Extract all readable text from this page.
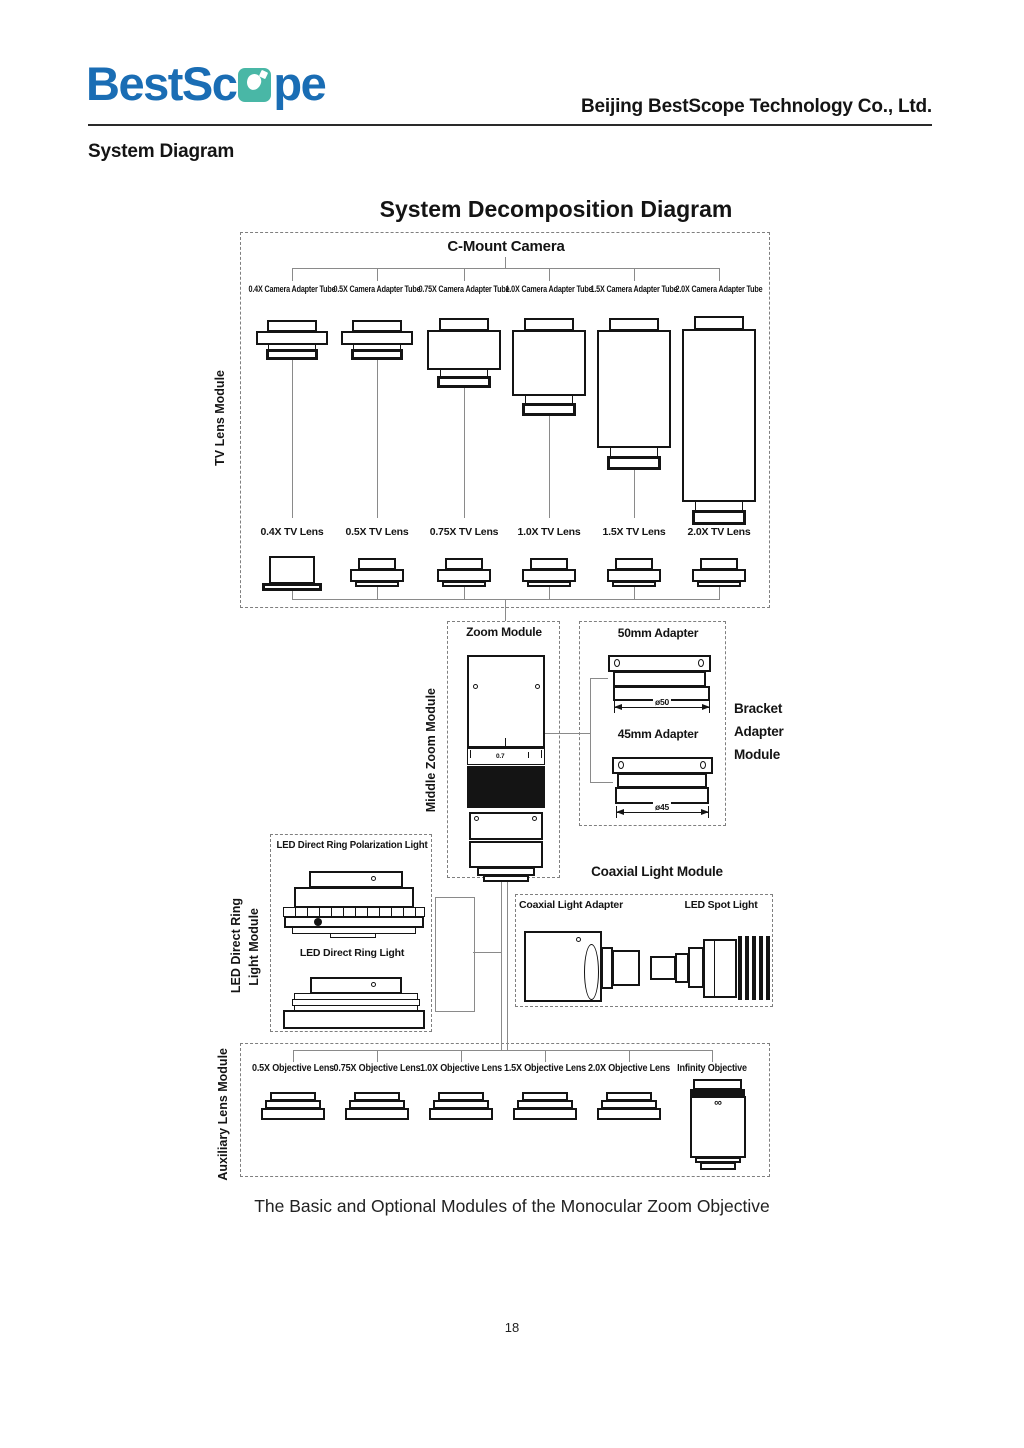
BestSc pe	Beijing BestScope Technology Co., Ltd.
System Diagram
System Decomposition Diagram
TV Lens Module
Middle Zoom Module
LED Direct Ring Light Module
Auxiliary Lens Module
C-Mount Camera
0.4X Camera Adapter Tube
0.5X Camera Adapter Tube
0.75X Camera Adapter Tube
1.0X Camera Adapter Tube
1.5X Camera Adapter Tube
2.0X Camera Adapter Tube
0.4X TV Lens 0.5X TV Lens 0.75X TV Lens 1.0X TV Lens 1.5X TV Lens 2.0X TV Lens
Zoom Module
0.7
50mm Adapter
ø50
45mm Adapter
ø45
Bracket Adapter Module
LED Direct Ring Polarization Light
LED Direct Ring Light
Coaxial Light Module
Coaxial Light Adapter	LED Spot Light
0.5X Objective Lens 0.75X Objective Lens 1.0X Objective Lens 1.5X Objective Lens 2.0X Objective Lens Infinity Objective
∞
The Basic and Optional Modules of the Monocular Zoom Objective
18
